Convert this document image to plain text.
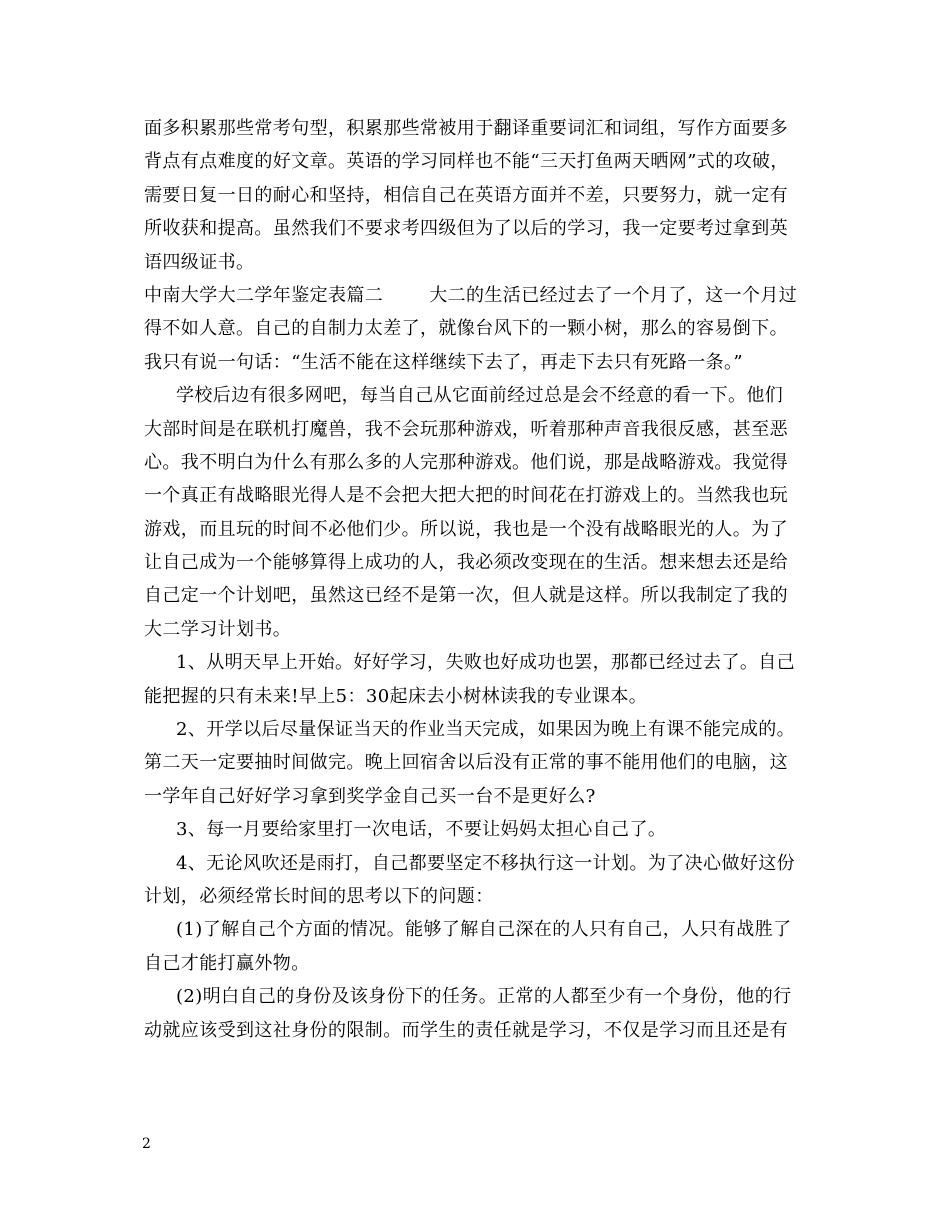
面多积累那些常考句型，积累那些常被用于翻译重要词汇和词组，写作方面要多
背点有点难度的好文章。英语的学习同样也不能“三天打鱼两天晒网”式的攻破，
需要日复一日的耐心和坚持，相信自己在英语方面并不差，只要努力，就一定有
所收获和提高。虽然我们不要求考四级但为了以后的学习，我一定要考过拿到英
语四级证书。
中南大学大二学年鉴定表篇二	大二的生活已经过去了一个月了，这一个月过
得不如人意。自己的自制力太差了，就像台风下的一颗小树，那么的容易倒下。
我只有说一句话：“生活不能在这样继续下去了，再走下去只有死路一条。”
学校后边有很多网吧，每当自己从它面前经过总是会不经意的看一下。他们
大部时间是在联机打魔兽，我不会玩那种游戏，听着那种声音我很反感，甚至恶
心。我不明白为什么有那么多的人完那种游戏。他们说，那是战略游戏。我觉得
一个真正有战略眼光得人是不会把大把大把的时间花在打游戏上的。当然我也玩
游戏，而且玩的时间不必他们少。所以说，我也是一个没有战略眼光的人。为了
让自己成为一个能够算得上成功的人，我必须改变现在的生活。想来想去还是给
自己定一个计划吧，虽然这已经不是第一次，但人就是这样。所以我制定了我的
大二学习计划书。
1、从明天早上开始。好好学习，失败也好成功也罢，那都已经过去了。自己
能把握的只有未来!早上5：30起床去小树林读我的专业课本。
2、开学以后尽量保证当天的作业当天完成，如果因为晚上有课不能完成的。
第二天一定要抽时间做完。晚上回宿舍以后没有正常的事不能用他们的电脑，这
一学年自己好好学习拿到奖学金自己买一台不是更好么?
3、每一月要给家里打一次电话，不要让妈妈太担心自己了。
4、无论风吹还是雨打，自己都要坚定不移执行这一计划。为了决心做好这份
计划，必须经常长时间的思考以下的问题：
(1)了解自己个方面的情况。能够了解自己深在的人只有自己，人只有战胜了
自己才能打赢外物。
(2)明白自己的身份及该身份下的任务。正常的人都至少有一个身份，他的行
动就应该受到这社身份的限制。而学生的责任就是学习，不仅是学习而且还是有
2
